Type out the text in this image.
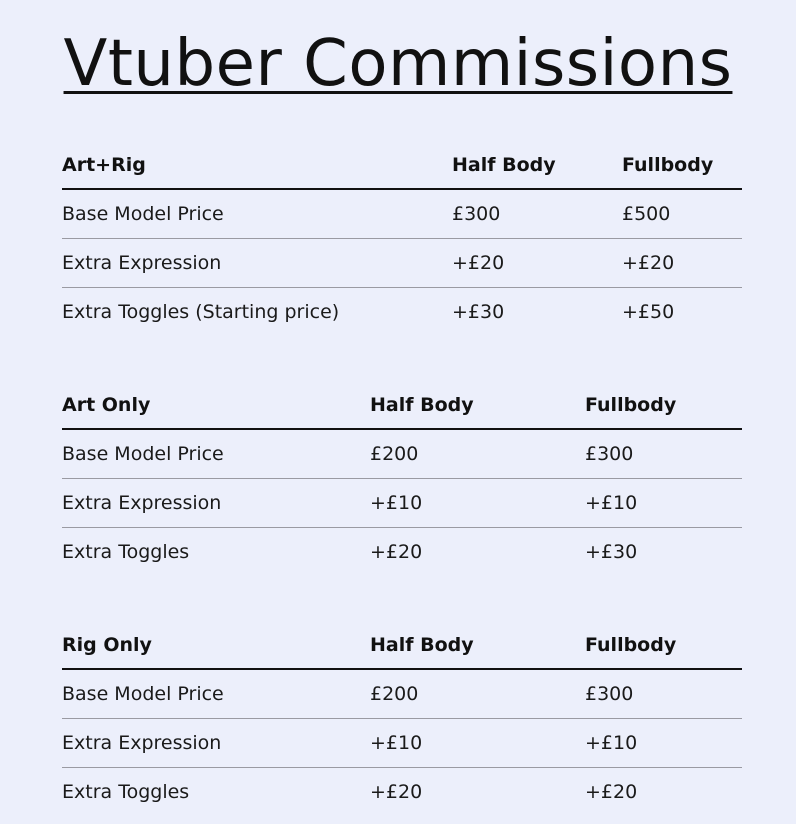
Vtuber Commissions
Art+Rig	Half Body	Fullbody
Base Model Price	£300	£500
Extra Expression	+£20	+£20
Extra Toggles (Starting price)	+£30	+£50
Art Only	Half Body	Fullbody
Base Model Price	£200	£300
Extra Expression	+£10	+£10
Extra Toggles	+£20	+£30
Rig Only	Half Body	Fullbody
Base Model Price	£200	£300
Extra Expression	+£10	+£10
Extra Toggles	+£20	+£20
